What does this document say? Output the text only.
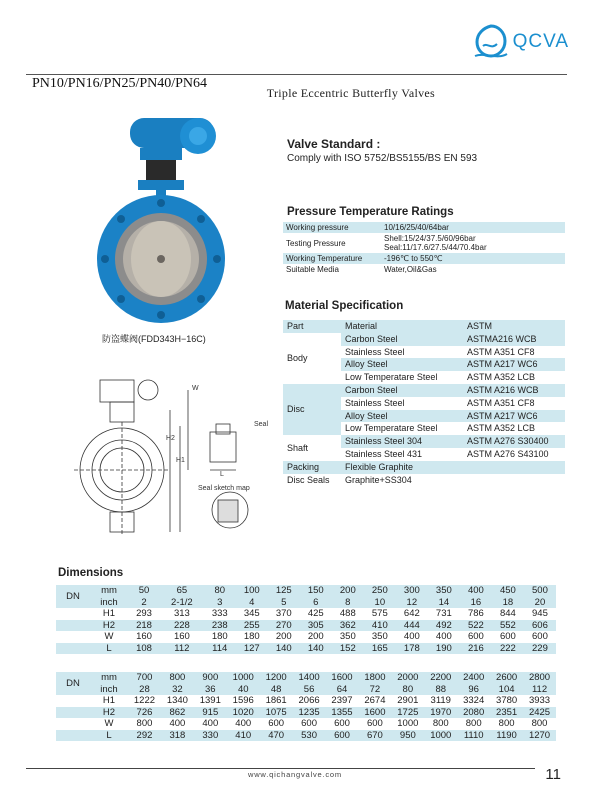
QCVA
PN10/PN16/PN25/PN40/PN64
Triple Eccentric Butterfly Valves
防盗蝶阀(FDD343H−16C)
W
H2
H1
L
Seal
Seal sketch map
Valve Standard :
Comply with ISO 5752/BS5155/BS EN 593
Pressure Temperature Ratings
Working pressure	10/16/25/40/64bar
Testing Pressure	Shell:15/24/37.5/60/96bar
Seal:11/17.6/27.5/44/70.4bar

Working Temperature	-196℃ to 550℃
Suitable Media	Water,Oil&Gas
Material Specification
Part	Material	ASTM
Body	Carbon Steel	ASTMA216 WCB
	Stainless Steel	ASTM A351 CF8
	Alloy Steel	ASTM A217 WC6
	Low Temperatare Steel	ASTM A352 LCB
Disc	Carbon Steel	ASTM A216 WCB
	Stainless Steel	ASTM A351 CF8
	Alloy Steel	ASTM A217 WC6
	Low Temperatare Steel	ASTM A352 LCB
Shaft	Stainless Steel 304	ASTM A276 S30400
	Stainless Steel 431	ASTM A276 S43100
Packing	Flexible Graphite	
Disc Seals	Graphite+SS304	
Dimensions
DN	mm	50	65	80	100	125	150	200	250	300	350	400	450	500
	inch	2	2-1/2	3	4	5	6	8	10	12	14	16	18	20
	H1	293	313	333	345	370	425	488	575	642	731	786	844	945
	H2	218	228	238	255	270	305	362	410	444	492	522	552	606
	W	160	160	180	180	200	200	350	350	400	400	600	600	600
	L	108	112	114	127	140	140	152	165	178	190	216	222	229
DN	mm	700	800	900	1000	1200	1400	1600	1800	2000	2200	2400	2600	2800
	inch	28	32	36	40	48	56	64	72	80	88	96	104	112
	H1	1222	1340	1391	1596	1861	2066	2397	2674	2901	3119	3324	3780	3933
	H2	726	862	915	1020	1075	1235	1355	1600	1725	1970	2080	2351	2425
	W	800	400	400	400	600	600	600	600	1000	800	800	800	800
	L	292	318	330	410	470	530	600	670	950	1000	1110	1190	1270
www.qichangvalve.com	11
